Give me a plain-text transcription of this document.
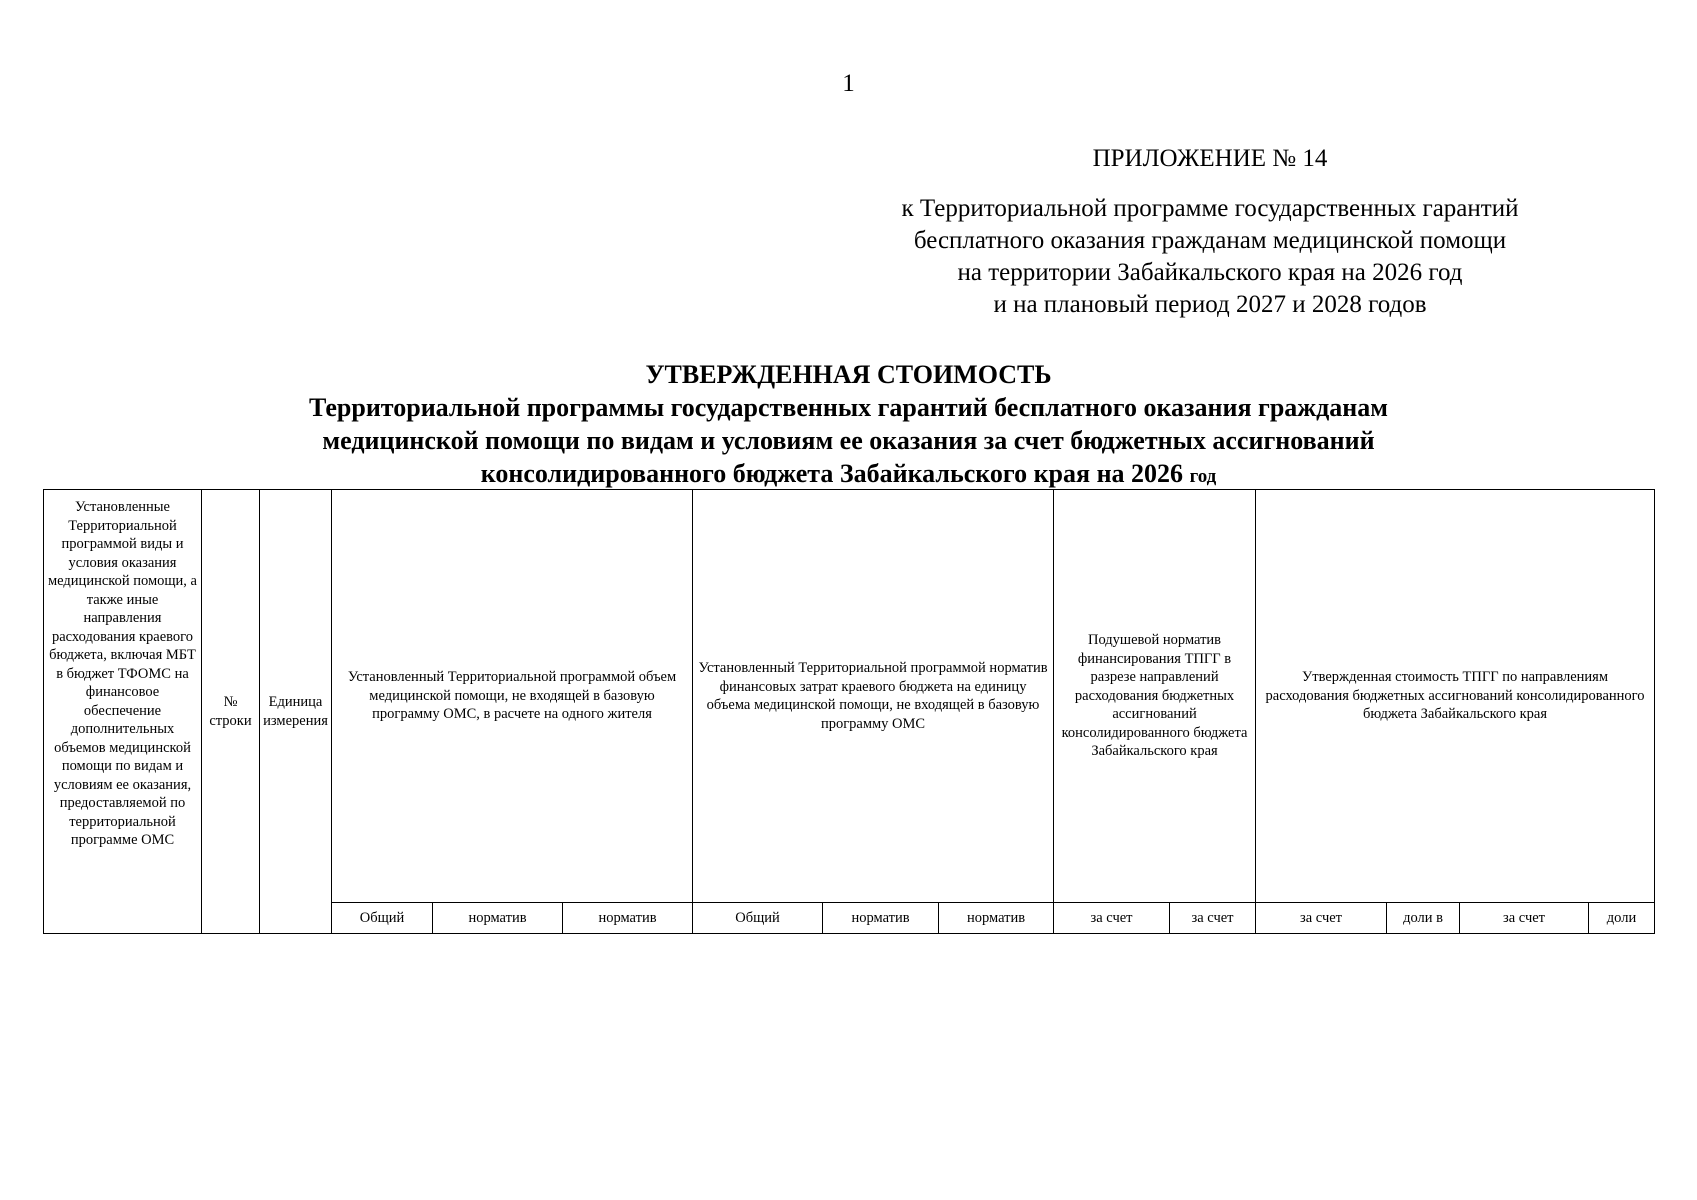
1
ПРИЛОЖЕНИЕ № 14
к Территориальной программе государственных гарантий
бесплатного оказания гражданам медицинской помощи
на территории Забайкальского края на 2026 год
и на плановый период 2027 и 2028 годов
УТВЕРЖДЕННАЯ СТОИМОСТЬ
Территориальной программы государственных гарантий бесплатного оказания гражданам
медицинской помощи по видам и условиям ее оказания за счет бюджетных ассигнований
консолидированного бюджета Забайкальского края на 2026 год
Установленные Территориальной программой виды и условия оказания медицинской помощи, а также иные направления расходования краевого бюджета, включая МБТ в бюджет ТФОМС на финансовое обеспечение дополнительных объемов медицинской помощи по видам и условиям ее оказания, предоставляемой по территориальной программе ОМС	№ строки	Единица измерения	Установленный Территориальной программой объем медицинской помощи, не входящей в базовую программу ОМС, в расчете на одного жителя			Установленный Территориальной программой норматив финансовых затрат краевого бюджета на единицу объема медицинской помощи, не входящей в базовую программу ОМС			Подушевой норматив финансирования ТПГГ в разрезе направлений расходования бюджетных ассигнований консолидированного бюджета Забайкальского края		Утвержденная стоимость ТПГГ по направлениям расходования бюджетных ассигнований консолидированного бюджета Забайкальского края			
			Общий	норматив	норматив	Общий	норматив	норматив	за счет	за счет	за счет	доли в	за счет	доли
